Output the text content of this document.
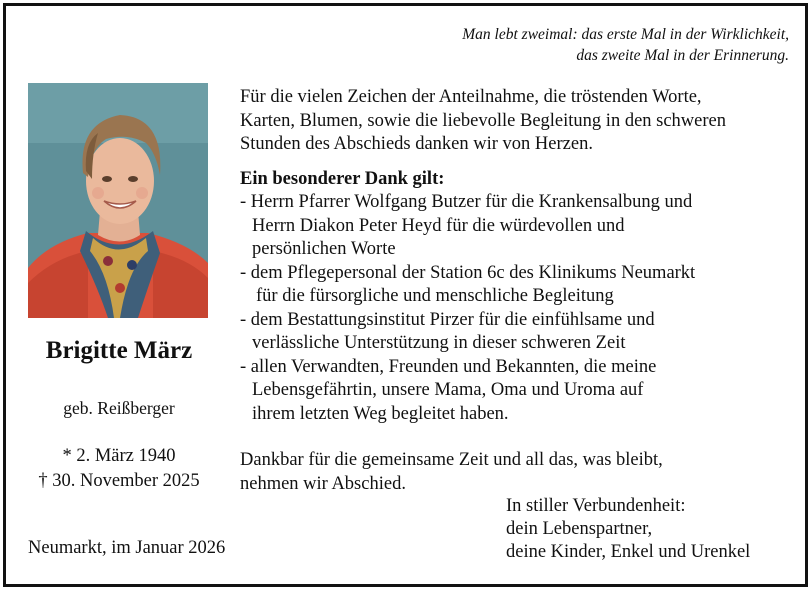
Man lebt zweimal: das erste Mal in der Wirklichkeit,
das zweite Mal in der Erinnerung.
Brigitte März
geb. Reißberger
* 2. März 1940
† 30. November 2025
Neumarkt, im Januar 2026

Für die vielen Zeichen der Anteilnahme, die tröstenden Worte,
Karten, Blumen, sowie die liebevolle Begleitung in den schweren
Stunden des Abschieds danken wir von Herzen.

Ein besonderer Dank gilt:

- Herrn Pfarrer Wolfgang Butzer für die Krankensalbung und
Herrn Diakon Peter Heyd für die würdevollen und
persönlichen Worte
- dem Pflegepersonal der Station 6c des Klinikums Neumarkt
für die fürsorgliche und menschliche Begleitung
- dem Bestattungsinstitut Pirzer für die einfühlsame und
verlässliche Unterstützung in dieser schweren Zeit
- allen Verwandten, Freunden und Bekannten, die meine
Lebensgefährtin, unsere Mama, Oma und Uroma auf
ihrem letzten Weg begleitet haben.
Dankbar für die gemeinsame Zeit und all das, was bleibt,
nehmen wir Abschied.
In stiller Verbundenheit:
dein Lebenspartner,
deine Kinder, Enkel und Urenkel
